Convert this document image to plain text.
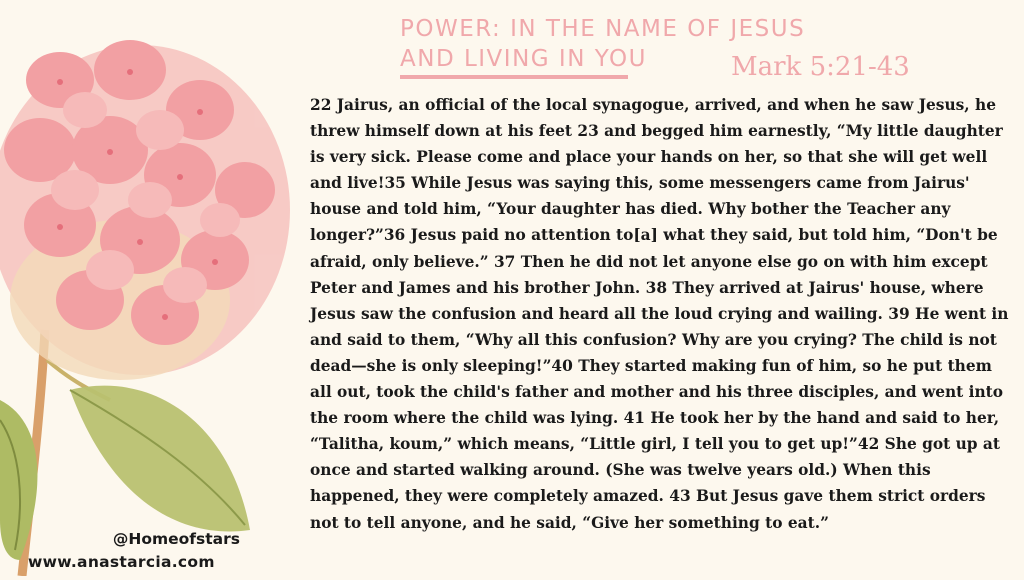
POWER: IN THE NAME OF JESUS
AND LIVING IN YOU	Mark 5:21-43

22 Jairus, an official of the local synagogue, arrived, and when he saw Jesus, he threw himself down at his feet 23 and begged him earnestly, “My little daughter is very sick. Please come and place your hands on her, so that she will get well and live!35 While Jesus was saying this, some messengers came from Jairus' house and told him, “Your daughter has died. Why bother the Teacher any longer?”36 Jesus paid no attention to[a] what they said, but told him, “Don't be afraid, only believe.” 37 Then he did not let anyone else go on with him except Peter and James and his brother John. 38 They arrived at Jairus' house, where Jesus saw the confusion and heard all the loud crying and wailing. 39 He went in and said to them, “Why all this confusion? Why are you crying? The child is not dead—she is only sleeping!”40 They started making fun of him, so he put them all out, took the child's father and mother and his three disciples, and went into the room where the child was lying. 41 He took her by the hand and said to her, “Talitha, koum,” which means, “Little girl, I tell you to get up!”42 She got up at once and started walking around. (She was twelve years old.) When this happened, they were completely amazed. 43 But Jesus gave them strict orders not to tell anyone, and he said, “Give her something to eat.”

@Homeofstars
www.anastarcia.com
